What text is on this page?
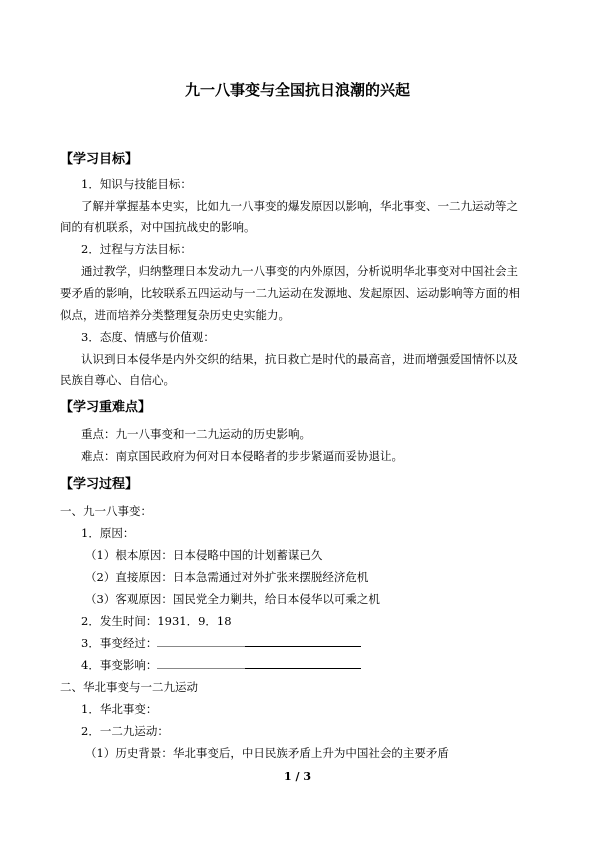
九一八事变与全国抗日浪潮的兴起
【学习目标】
1．知识与技能目标：
了解并掌握基本史实，比如九一八事变的爆发原因以影响，华北事变、一二九运动等之
间的有机联系，对中国抗战史的影响。
2．过程与方法目标：
通过教学，归纳整理日本发动九一八事变的内外原因，分析说明华北事变对中国社会主
要矛盾的影响，比较联系五四运动与一二九运动在发源地、发起原因、运动影响等方面的相
似点，进而培养分类整理复杂历史史实能力。
3．态度、情感与价值观：
认识到日本侵华是内外交织的结果，抗日救亡是时代的最高音，进而增强爱国情怀以及
民族自尊心、自信心。
【学习重难点】
重点：九一八事变和一二九运动的历史影响。
难点：南京国民政府为何对日本侵略者的步步紧逼而妥协退让。
【学习过程】
一、九一八事变：
1．原因：
（1）根本原因：日本侵略中国的计划蓄谋已久
（2）直接原因：日本急需通过对外扩张来摆脱经济危机
（3）客观原因：国民党全力剿共，给日本侵华以可乘之机
2．发生时间：1931．9．18
3．事变经过：
4．事变影响：
二、华北事变与一二九运动
1．华北事变：
2．一二九运动：
（1）历史背景：华北事变后，中日民族矛盾上升为中国社会的主要矛盾
1 / 3
